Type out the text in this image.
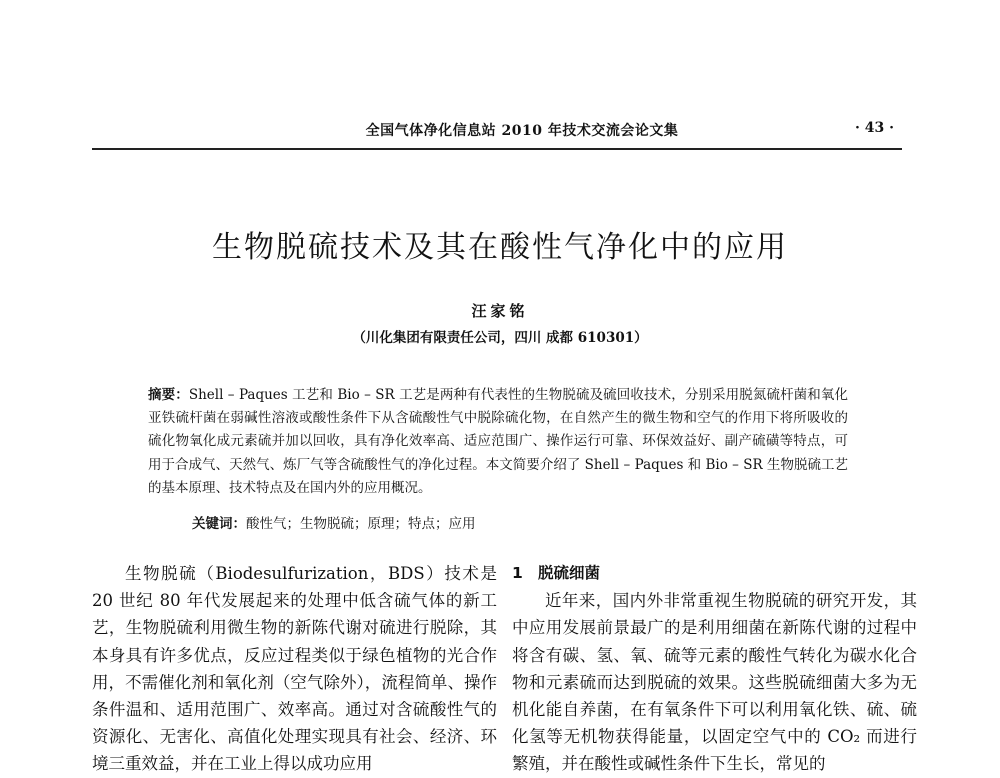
全国气体净化信息站 2010 年技术交流会论文集	· 43 ·
生物脱硫技术及其在酸性气净化中的应用
汪家铭
（川化集团有限责任公司，四川 成都 610301）
摘要：Shell – Paques 工艺和 Bio – SR 工艺是两种有代表性的生物脱硫及硫回收技术，分别采用脱氮硫杆菌和氧化亚铁硫杆菌在弱碱性溶液或酸性条件下从含硫酸性气中脱除硫化物，在自然产生的微生物和空气的作用下将所吸收的硫化物氧化成元素硫并加以回收，具有净化效率高、适应范围广、操作运行可靠、环保效益好、副产硫磺等特点，可用于合成气、天然气、炼厂气等含硫酸性气的净化过程。本文简要介绍了 Shell – Paques 和 Bio – SR 生物脱硫工艺的基本原理、技术特点及在国内外的应用概况。
关键词：酸性气；生物脱硫；原理；特点；应用
生物脱硫（Biodesulfurization，BDS）技术是 20 世纪 80 年代发展起来的处理中低含硫气体的新工艺，生物脱硫利用微生物的新陈代谢对硫进行脱除，其本身具有许多优点，反应过程类似于绿色植物的光合作用，不需催化剂和氧化剂（空气除外），流程简单、操作条件温和、适用范围广、效率高。通过对含硫酸性气的资源化、无害化、高值化处理实现具有社会、经济、环境三重效益，并在工业上得以成功应用
1 脱硫细菌
近年来，国内外非常重视生物脱硫的研究开发，其中应用发展前景最广的是利用细菌在新陈代谢的过程中将含有碳、氢、氧、硫等元素的酸性气转化为碳水化合物和元素硫而达到脱硫的效果。这些脱硫细菌大多为无机化能自养菌，在有氧条件下可以利用氧化铁、硫、硫化氢等无机物获得能量，以固定空气中的 CO₂ 而进行繁殖，并在酸性或碱性条件下生长，常见的
